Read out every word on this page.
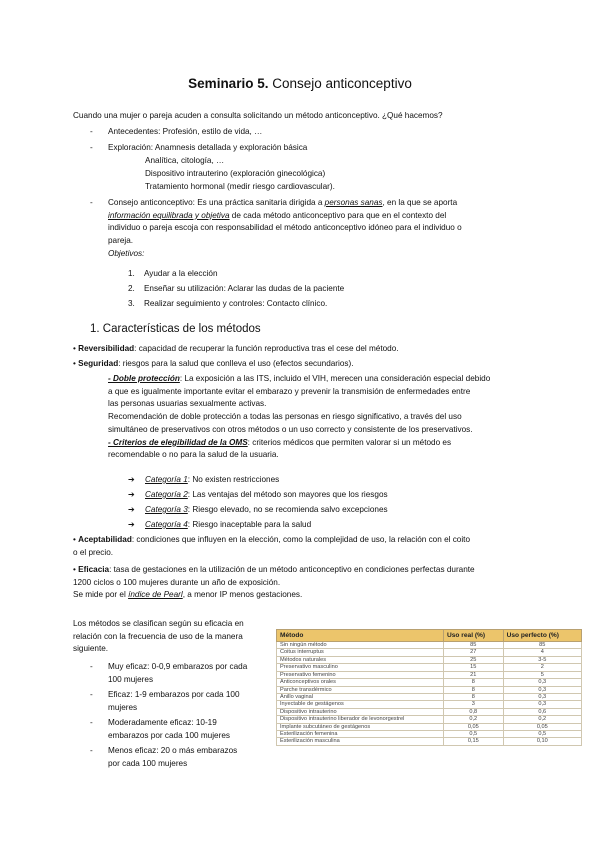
Seminario 5. Consejo anticonceptivo
Cuando una mujer o pareja acuden a consulta solicitando un método anticonceptivo. ¿Qué hacemos?
- Antecedentes: Profesión, estilo de vida, …
- Exploración: Anamnesis detallada y exploración básica
Analítica, citología, …
Dispositivo intrauterino (exploración ginecológica)
Tratamiento hormonal (medir riesgo cardiovascular).
- Consejo anticonceptivo: Es una práctica sanitaria dirigida a personas sanas, en la que se aporta
información equilibrada y objetiva de cada método anticonceptivo para que en el contexto del
individuo o pareja escoja con responsabilidad el método anticonceptivo idóneo para el individuo o
pareja.
Objetivos:
1.    Ayudar a la elección
2.    Enseñar su utilización: Aclarar las dudas de la paciente
3.    Realizar seguimiento y controles: Contacto clínico.
1. Características de los métodos
• Reversibilidad: capacidad de recuperar la función reproductiva tras el cese del método.
• Seguridad: riesgos para la salud que conlleva el uso (efectos secundarios).
- Doble protección: La exposición a las ITS, incluido el VIH, merecen una consideración especial debido
a que es igualmente importante evitar el embarazo y prevenir la transmisión de enfermedades entre
las personas usuarias sexualmente activas.
Recomendación de doble protección a todas las personas en riesgo significativo, a través del uso
simultáneo de preservativos con otros métodos o un uso correcto y consistente de los preservativos.
- Criterios de elegibilidad de la OMS: criterios médicos que permiten valorar si un método es
recomendable o no para la salud de la usuaria.
➔ Categoría 1: No existen restricciones
➔ Categoría 2: Las ventajas del método son mayores que los riesgos
➔ Categoría 3: Riesgo elevado, no se recomienda salvo excepciones
➔ Categoría 4: Riesgo inaceptable para la salud
• Aceptabilidad: condiciones que influyen en la elección, como la complejidad de uso, la relación con el coito
o el precio.
• Eficacia: tasa de gestaciones en la utilización de un método anticonceptivo en condiciones perfectas durante
1200 ciclos o 100 mujeres durante un año de exposición.
Se mide por el índice de Pearl, a menor IP menos gestaciones.
Los métodos se clasifican según su eficacia en
relación con la frecuencia de uso de la manera
siguiente.
- Muy eficaz: 0-0,9 embarazos por cada
100 mujeres
- Eficaz: 1-9 embarazos por cada 100
mujeres
- Moderadamente eficaz: 10-19
embarazos por cada 100 mujeres
- Menos eficaz: 20 o más embarazos
por cada 100 mujeres
Método	Uso real (%)	Uso perfecto (%)
Sin ningún método	85	85
Coitus interruptus	27	4
Métodos naturales	25	3-5
Preservativo masculino	15	2
Preservativo femenino	21	5
Anticonceptivos orales	8	0,3
Parche transdérmico	8	0,3
Anillo vaginal	8	0,3
Inyectable de gestágenos	3	0,3
Dispositivo intrauterino	0,8	0,6
Dispositivo intrauterino liberador de levonorgestrel	0,2	0,2
Implante subcutáneo de gestágenos	0,05	0,05
Esterilización femenina	0,5	0,5
Esterilización masculina	0,15	0,10
